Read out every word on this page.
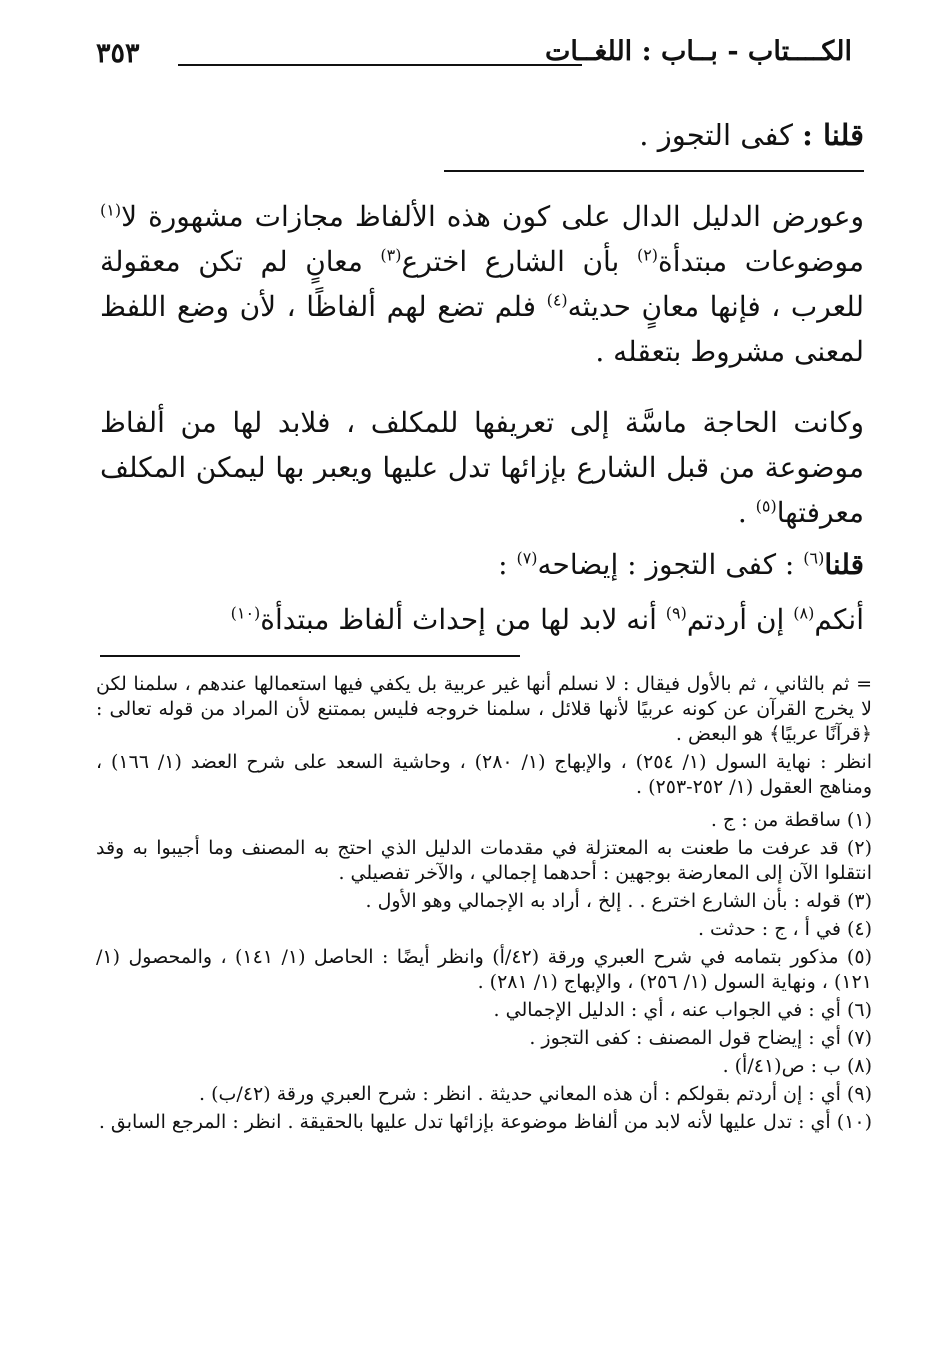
الكــــتاب - بــاب : اللغــات
٣٥٣
قلنا : كفى التجوز .
وعورض الدليل الدال على كون هذه الألفاظ مجازات مشهورة لا$^{(١)}$ موضوعات مبتدأة$^{(٢)}$ بأن الشارع اخترع$^{(٣)}$ معانٍ لم تكن معقولة للعرب ، فإنها معانٍ حديثه$^{(٤)}$ فلم تضع لهم ألفاظًا ، لأن وضع اللفظ لمعنى مشروط بتعقله .
وكانت الحاجة ماسَّة إلى تعريفها للمكلف ، فلابد لها من ألفاظ موضوعة من قبل الشارع بإزائها تدل عليها ويعبر بها ليمكن المكلف معرفتها$^{(٥)}$ .
قلنا$^{(٦)}$ : كفى التجوز : إيضاحه$^{(٧)}$ :
أنكم$^{(٨)}$ إن أردتم$^{(٩)}$ أنه لابد لها من إحداث ألفاظ مبتدأة$^{(١٠)}$

= ثم بالثاني ، ثم بالأول فيقال : لا نسلم أنها غير عربية بل يكفي فيها استعمالها عندهم ، سلمنا لكن لا يخرج القرآن عن كونه عربيًا لأنها قلائل ، سلمنا خروجه فليس بممتنع لأن المراد من قوله تعالى : ﴿قرآنًا عربيًا﴾ هو البعض .

انظر : نهاية السول (١/ ٢٥٤) ، والإبهاج (١/ ٢٨٠) ، وحاشية السعد على شرح العضد (١/ ١٦٦) ، ومناهج العقول (١/ ٢٥٢-٢٥٣) .

(١) ساقطة من : ج .

(٢) قد عرفت ما طعنت به المعتزلة في مقدمات الدليل الذي احتج به المصنف وما أجيبوا به وقد انتقلوا الآن إلى المعارضة بوجهين : أحدهما إجمالي ، والآخر تفصيلي .

(٣) قوله : بأن الشارع اخترع . . إلخ ، أراد به الإجمالي وهو الأول .

(٤) في أ ، ج : حدثت .

(٥) مذكور بتمامه في شرح العبري ورقة (٤٢/أ) وانظر أيضًا : الحاصل (١/ ١٤١) ، والمحصول (١/ ١٢١) ، ونهاية السول (١/ ٢٥٦) ، والإبهاج (١/ ٢٨١) .

(٦) أي : في الجواب عنه ، أي : الدليل الإجمالي .

(٧) أي : إيضاح قول المصنف : كفى التجوز .

(٨) ب : ص(٤١/أ) .

(٩) أي : إن أردتم بقولكم : أن هذه المعاني حديثة . انظر : شرح العبري ورقة (٤٢/ب) .

(١٠) أي : تدل عليها لأنه لابد من ألفاظ موضوعة بإزائها تدل عليها بالحقيقة . انظر : المرجع السابق .
